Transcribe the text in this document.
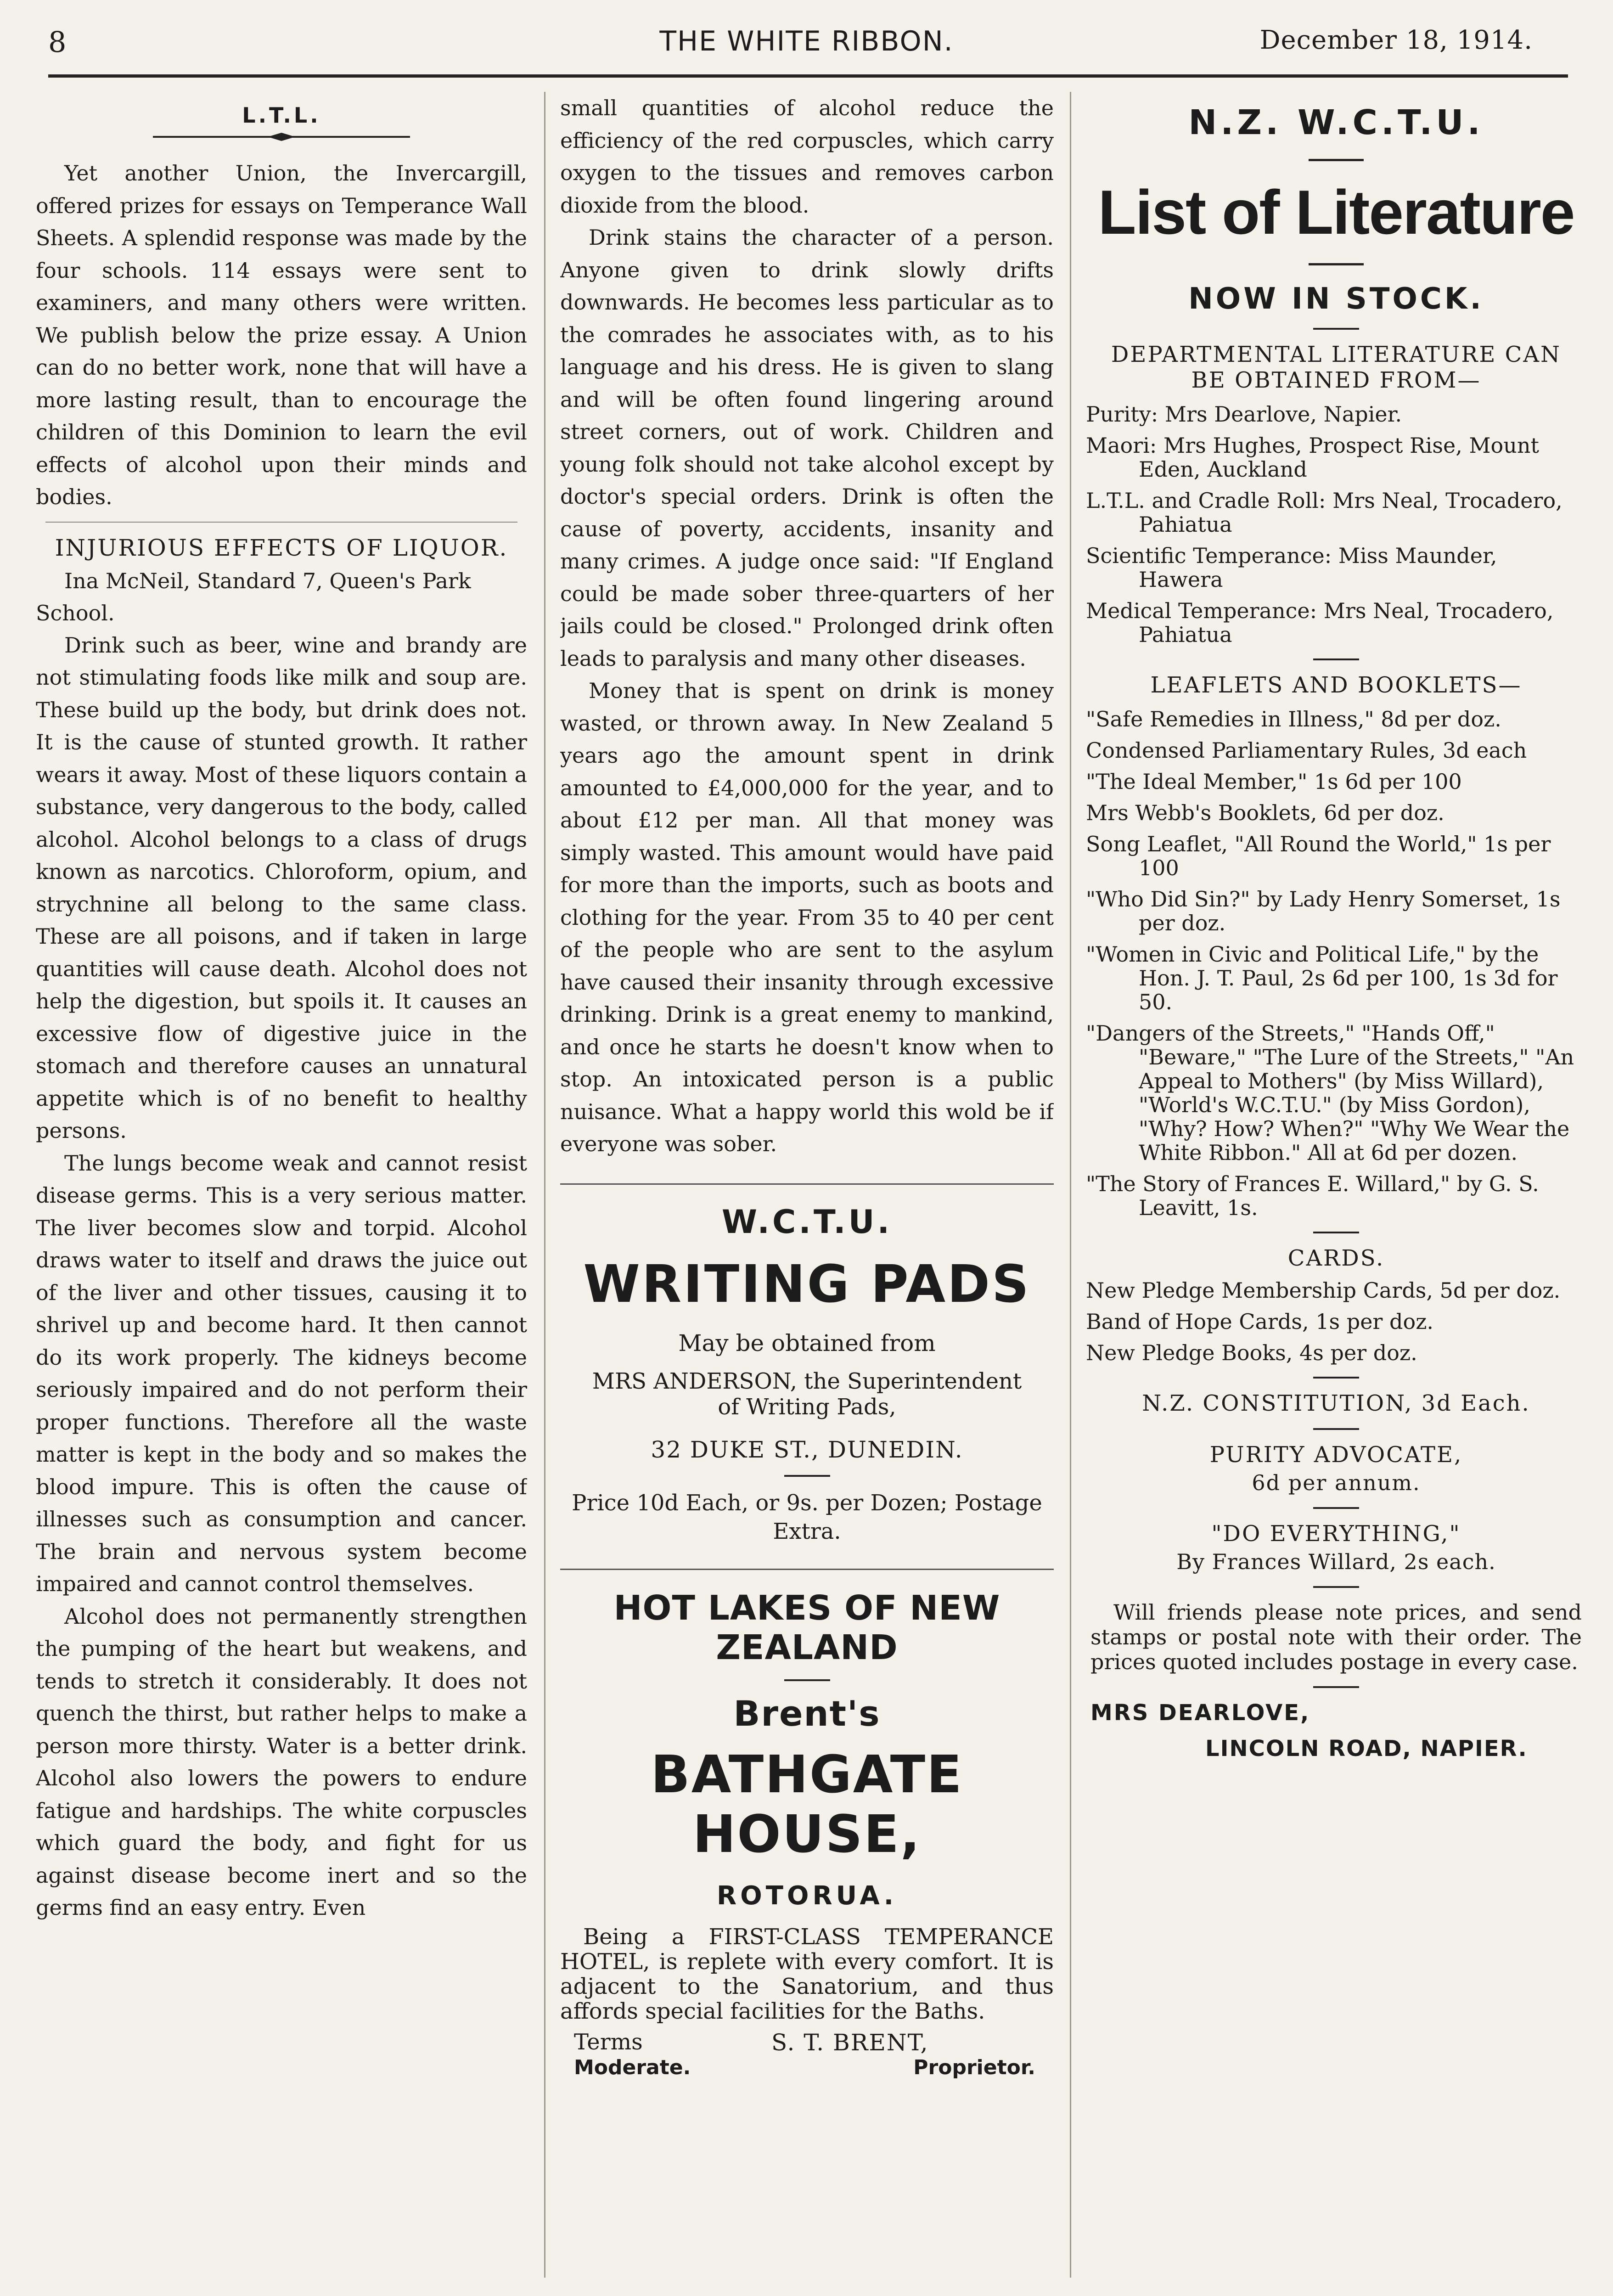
8	THE WHITE RIBBON.	December 18, 1914.
L.T.L.

Yet another Union, the Invercargill, offered prizes for essays on Temperance Wall Sheets. A splendid response was made by the four schools. 114 essays were sent to examiners, and many others were written. We publish below the prize essay. A Union can do no better work, none that will have a more lasting result, than to encourage the children of this Dominion to learn the evil effects of alcohol upon their minds and bodies.

INJURIOUS EFFECTS OF LIQUOR.

Ina McNeil, Standard 7, Queen's Park School.

Drink such as beer, wine and brandy are not stimulating foods like milk and soup are. These build up the body, but drink does not. It is the cause of stunted growth. It rather wears it away. Most of these liquors contain a substance, very dangerous to the body, called alcohol. Alcohol belongs to a class of drugs known as narcotics. Chloroform, opium, and strychnine all belong to the same class. These are all poisons, and if taken in large quantities will cause death. Alcohol does not help the digestion, but spoils it. It causes an excessive flow of digestive juice in the stomach and therefore causes an unnatural appetite which is of no benefit to healthy persons.

The lungs become weak and cannot resist disease germs. This is a very serious matter. The liver becomes slow and torpid. Alcohol draws water to itself and draws the juice out of the liver and other tissues, causing it to shrivel up and become hard. It then cannot do its work properly. The kidneys become seriously impaired and do not perform their proper functions. Therefore all the waste matter is kept in the body and so makes the blood impure. This is often the cause of illnesses such as consumption and cancer. The brain and nervous system become impaired and cannot control themselves.

Alcohol does not permanently strengthen the pumping of the heart but weakens, and tends to stretch it considerably. It does not quench the thirst, but rather helps to make a person more thirsty. Water is a better drink. Alcohol also lowers the powers to endure fatigue and hardships. The white corpuscles which guard the body, and fight for us against disease become inert and so the germs find an easy entry. Even

small quantities of alcohol reduce the efficiency of the red corpuscles, which carry oxygen to the tissues and removes carbon dioxide from the blood.

Drink stains the character of a person. Anyone given to drink slowly drifts downwards. He becomes less particular as to the comrades he associates with, as to his language and his dress. He is given to slang and will be often found lingering around street corners, out of work. Children and young folk should not take alcohol except by doctor's special orders. Drink is often the cause of poverty, accidents, insanity and many crimes. A judge once said: "If England could be made sober three-quarters of her jails could be closed." Prolonged drink often leads to paralysis and many other diseases.

Money that is spent on drink is money wasted, or thrown away. In New Zealand 5 years ago the amount spent in drink amounted to £4,000,000 for the year, and to about £12 per man. All that money was simply wasted. This amount would have paid for more than the imports, such as boots and clothing for the year. From 35 to 40 per cent of the people who are sent to the asylum have caused their insanity through excessive drinking. Drink is a great enemy to mankind, and once he starts he doesn't know when to stop. An intoxicated person is a public nuisance. What a happy world this wold be if everyone was sober.

W.C.T.U.
WRITING PADS
May be obtained from
MRS ANDERSON, the Superintendent of Writing Pads,
32 DUKE ST., DUNEDIN.
Price 10d Each, or 9s. per Dozen; Postage Extra.
HOT LAKES OF NEW ZEALAND
Brent's
BATHGATE HOUSE,
ROTORUA.

Being a FIRST-CLASS TEMPERANCE HOTEL, is replete with every comfort. It is adjacent to the Sanatorium, and thus affords special facilities for the Baths.

Terms
Moderate.
S. T. BRENT,
Proprietor.
N.Z. W.C.T.U.
List of Literature
NOW IN STOCK.
DEPARTMENTAL LITERATURE CAN BE OBTAINED FROM—

Purity: Mrs Dearlove, Napier.

Maori: Mrs Hughes, Prospect Rise, Mount Eden, Auckland

L.T.L. and Cradle Roll: Mrs Neal, Trocadero, Pahiatua

Scientific Temperance: Miss Maunder, Hawera

Medical Temperance: Mrs Neal, Trocadero, Pahiatua

LEAFLETS AND BOOKLETS—

"Safe Remedies in Illness," 8d per doz.

Condensed Parliamentary Rules, 3d each

"The Ideal Member," 1s 6d per 100

Mrs Webb's Booklets, 6d per doz.

Song Leaflet, "All Round the World," 1s per 100

"Who Did Sin?" by Lady Henry Somerset, 1s per doz.

"Women in Civic and Political Life," by the Hon. J. T. Paul, 2s 6d per 100, 1s 3d for 50.

"Dangers of the Streets," "Hands Off," "Beware," "The Lure of the Streets," "An Appeal to Mothers" (by Miss Willard), "World's W.C.T.U." (by Miss Gordon), "Why? How? When?" "Why We Wear the White Ribbon." All at 6d per dozen.

"The Story of Frances E. Willard," by G. S. Leavitt, 1s.

CARDS.

New Pledge Membership Cards, 5d per doz.

Band of Hope Cards, 1s per doz.

New Pledge Books, 4s per doz.

N.Z. CONSTITUTION, 3d Each.
PURITY ADVOCATE,
6d per annum.
"DO EVERYTHING,"
By Frances Willard, 2s each.

Will friends please note prices, and send stamps or postal note with their order. The prices quoted includes postage in every case.

MRS DEARLOVE,
LINCOLN ROAD, NAPIER.
